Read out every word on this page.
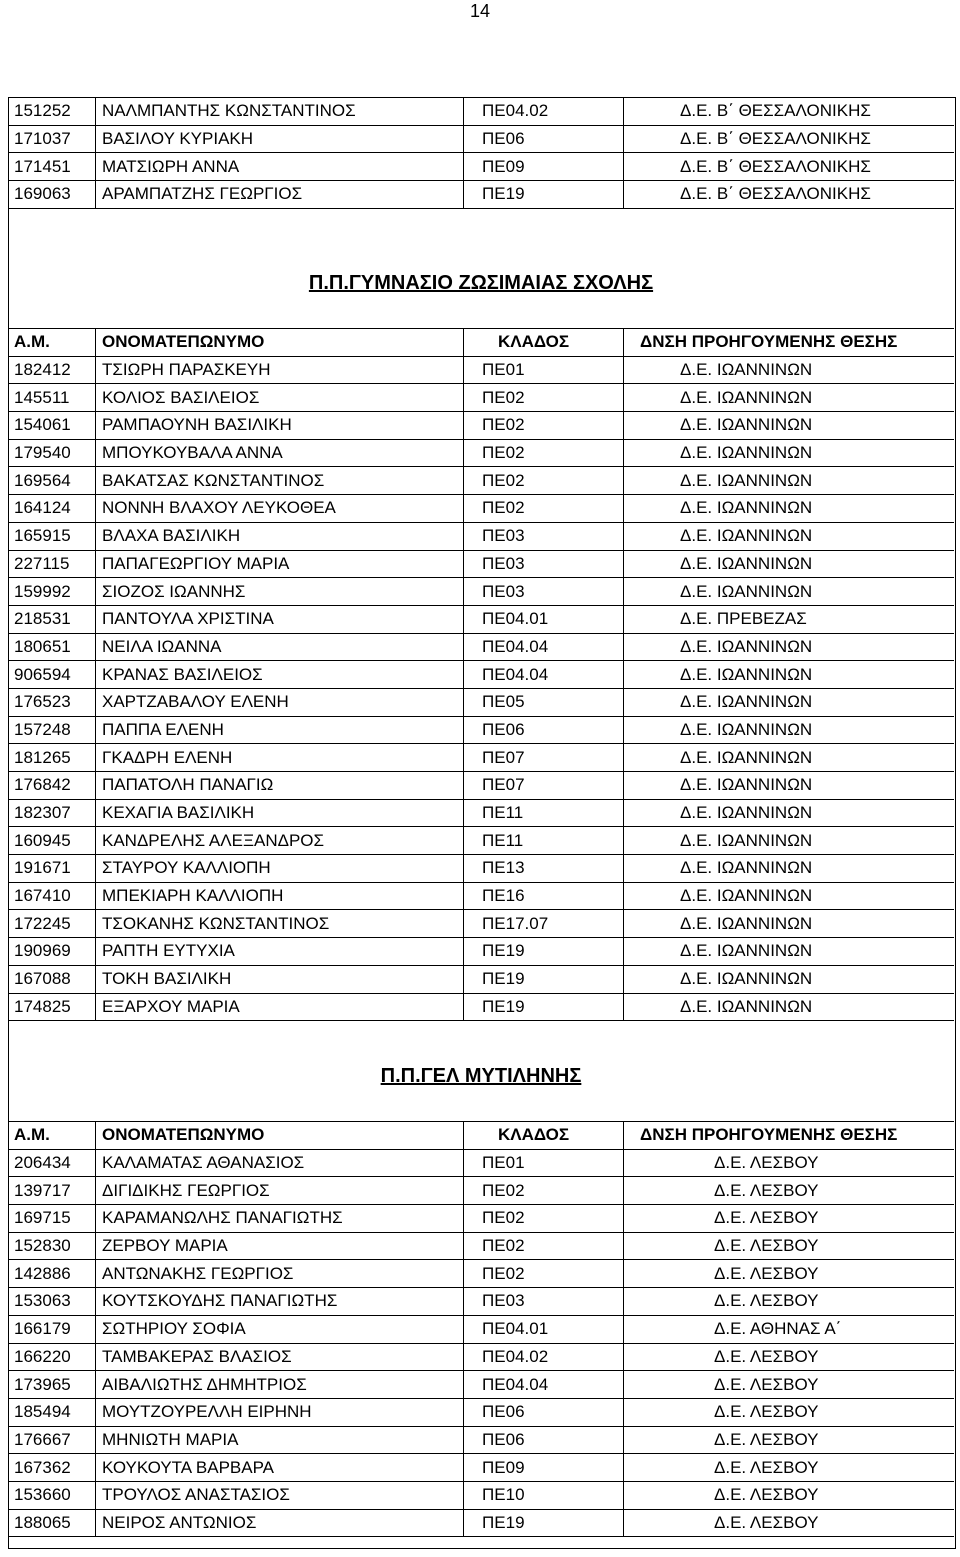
14
151252	ΝΑΛΜΠΑΝΤΗΣ ΚΩΝΣΤΑΝΤΙΝΟΣ	ΠΕ04.02	Δ.Ε. Β΄ ΘΕΣΣΑΛΟΝΙΚΗΣ
171037	ΒΑΣΙΛΟΥ ΚΥΡΙΑΚΗ	ΠΕ06	Δ.Ε. Β΄ ΘΕΣΣΑΛΟΝΙΚΗΣ
171451	ΜΑΤΣΙΩΡΗ ΑΝΝΑ	ΠΕ09	Δ.Ε. Β΄ ΘΕΣΣΑΛΟΝΙΚΗΣ
169063	ΑΡΑΜΠΑΤΖΗΣ ΓΕΩΡΓΙΟΣ	ΠΕ19	Δ.Ε. Β΄ ΘΕΣΣΑΛΟΝΙΚΗΣ
Π.Π.ΓΥΜΝΑΣΙΟ ΖΩΣΙΜΑΙΑΣ ΣΧΟΛΗΣ
Α.Μ.	ΟΝΟΜΑΤΕΠΩΝΥΜΟ	ΚΛΑΔΟΣ	ΔΝΣΗ ΠΡΟΗΓΟΥΜΕΝΗΣ ΘΕΣΗΣ
182412	ΤΣΙΩΡΗ ΠΑΡΑΣΚΕΥΗ	ΠΕ01	Δ.Ε. ΙΩΑΝΝΙΝΩΝ
145511	ΚΟΛΙΟΣ ΒΑΣΙΛΕΙΟΣ	ΠΕ02	Δ.Ε. ΙΩΑΝΝΙΝΩΝ
154061	ΡΑΜΠΑΟΥΝΗ ΒΑΣΙΛΙΚΗ	ΠΕ02	Δ.Ε. ΙΩΑΝΝΙΝΩΝ
179540	ΜΠΟΥΚΟΥΒΑΛΑ ΑΝΝΑ	ΠΕ02	Δ.Ε. ΙΩΑΝΝΙΝΩΝ
169564	ΒΑΚΑΤΣΑΣ ΚΩΝΣΤΑΝΤΙΝΟΣ	ΠΕ02	Δ.Ε. ΙΩΑΝΝΙΝΩΝ
164124	ΝΟΝΝΗ ΒΛΑΧΟΥ ΛΕΥΚΟΘΕΑ	ΠΕ02	Δ.Ε. ΙΩΑΝΝΙΝΩΝ
165915	ΒΛΑΧΑ ΒΑΣΙΛΙΚΗ	ΠΕ03	Δ.Ε. ΙΩΑΝΝΙΝΩΝ
227115	ΠΑΠΑΓΕΩΡΓΙΟΥ ΜΑΡΙΑ	ΠΕ03	Δ.Ε. ΙΩΑΝΝΙΝΩΝ
159992	ΣΙΟΖΟΣ ΙΩΑΝΝΗΣ	ΠΕ03	Δ.Ε. ΙΩΑΝΝΙΝΩΝ
218531	ΠΑΝΤΟΥΛΑ ΧΡΙΣΤΙΝΑ	ΠΕ04.01	Δ.Ε. ΠΡΕΒΕΖΑΣ
180651	ΝΕΙΛΑ ΙΩΑΝΝΑ	ΠΕ04.04	Δ.Ε. ΙΩΑΝΝΙΝΩΝ
906594	ΚΡΑΝΑΣ ΒΑΣΙΛΕΙΟΣ	ΠΕ04.04	Δ.Ε. ΙΩΑΝΝΙΝΩΝ
176523	ΧΑΡΤΖΑΒΑΛΟΥ ΕΛΕΝΗ	ΠΕ05	Δ.Ε. ΙΩΑΝΝΙΝΩΝ
157248	ΠΑΠΠΑ ΕΛΕΝΗ	ΠΕ06	Δ.Ε. ΙΩΑΝΝΙΝΩΝ
181265	ΓΚΑΔΡΗ ΕΛΕΝΗ	ΠΕ07	Δ.Ε. ΙΩΑΝΝΙΝΩΝ
176842	ΠΑΠΑΤΟΛΗ ΠΑΝΑΓΙΩ	ΠΕ07	Δ.Ε. ΙΩΑΝΝΙΝΩΝ
182307	ΚΕΧΑΓΙΑ ΒΑΣΙΛΙΚΗ	ΠΕ11	Δ.Ε. ΙΩΑΝΝΙΝΩΝ
160945	ΚΑΝΔΡΕΛΗΣ ΑΛΕΞΑΝΔΡΟΣ	ΠΕ11	Δ.Ε. ΙΩΑΝΝΙΝΩΝ
191671	ΣΤΑΥΡΟΥ ΚΑΛΛΙΟΠΗ	ΠΕ13	Δ.Ε. ΙΩΑΝΝΙΝΩΝ
167410	ΜΠΕΚΙΑΡΗ ΚΑΛΛΙΟΠΗ	ΠΕ16	Δ.Ε. ΙΩΑΝΝΙΝΩΝ
172245	ΤΣΟΚΑΝΗΣ ΚΩΝΣΤΑΝΤΙΝΟΣ	ΠΕ17.07	Δ.Ε. ΙΩΑΝΝΙΝΩΝ
190969	ΡΑΠΤΗ ΕΥΤΥΧΙΑ	ΠΕ19	Δ.Ε. ΙΩΑΝΝΙΝΩΝ
167088	ΤΟΚΗ ΒΑΣΙΛΙΚΗ	ΠΕ19	Δ.Ε. ΙΩΑΝΝΙΝΩΝ
174825	ΕΞΑΡΧΟΥ ΜΑΡΙΑ	ΠΕ19	Δ.Ε. ΙΩΑΝΝΙΝΩΝ
Π.Π.ΓΕΛ ΜΥΤΙΛΗΝΗΣ
Α.Μ.	ΟΝΟΜΑΤΕΠΩΝΥΜΟ	ΚΛΑΔΟΣ	ΔΝΣΗ ΠΡΟΗΓΟΥΜΕΝΗΣ ΘΕΣΗΣ
206434	ΚΑΛΑΜΑΤΑΣ ΑΘΑΝΑΣΙΟΣ	ΠΕ01	Δ.Ε. ΛΕΣΒΟΥ
139717	ΔΙΓΙΔΙΚΗΣ ΓΕΩΡΓΙΟΣ	ΠΕ02	Δ.Ε. ΛΕΣΒΟΥ
169715	ΚΑΡΑΜΑΝΩΛΗΣ ΠΑΝΑΓΙΩΤΗΣ	ΠΕ02	Δ.Ε. ΛΕΣΒΟΥ
152830	ΖΕΡΒΟΥ ΜΑΡΙΑ	ΠΕ02	Δ.Ε. ΛΕΣΒΟΥ
142886	ΑΝΤΩΝΑΚΗΣ ΓΕΩΡΓΙΟΣ	ΠΕ02	Δ.Ε. ΛΕΣΒΟΥ
153063	ΚΟΥΤΣΚΟΥΔΗΣ ΠΑΝΑΓΙΩΤΗΣ	ΠΕ03	Δ.Ε. ΛΕΣΒΟΥ
166179	ΣΩΤΗΡΙΟΥ ΣΟΦΙΑ	ΠΕ04.01	Δ.Ε. ΑΘΗΝΑΣ Α΄
166220	ΤΑΜΒΑΚΕΡΑΣ ΒΛΑΣΙΟΣ	ΠΕ04.02	Δ.Ε. ΛΕΣΒΟΥ
173965	ΑΙΒΑΛΙΩΤΗΣ ΔΗΜΗΤΡΙΟΣ	ΠΕ04.04	Δ.Ε. ΛΕΣΒΟΥ
185494	ΜΟΥΤΖΟΥΡΕΛΛΗ ΕΙΡΗΝΗ	ΠΕ06	Δ.Ε. ΛΕΣΒΟΥ
176667	ΜΗΝΙΩΤΗ ΜΑΡΙΑ	ΠΕ06	Δ.Ε. ΛΕΣΒΟΥ
167362	ΚΟΥΚΟΥΤΑ ΒΑΡΒΑΡΑ	ΠΕ09	Δ.Ε. ΛΕΣΒΟΥ
153660	ΤΡΟΥΛΟΣ ΑΝΑΣΤΑΣΙΟΣ	ΠΕ10	Δ.Ε. ΛΕΣΒΟΥ
188065	ΝΕΙΡΟΣ ΑΝΤΩΝΙΟΣ	ΠΕ19	Δ.Ε. ΛΕΣΒΟΥ
